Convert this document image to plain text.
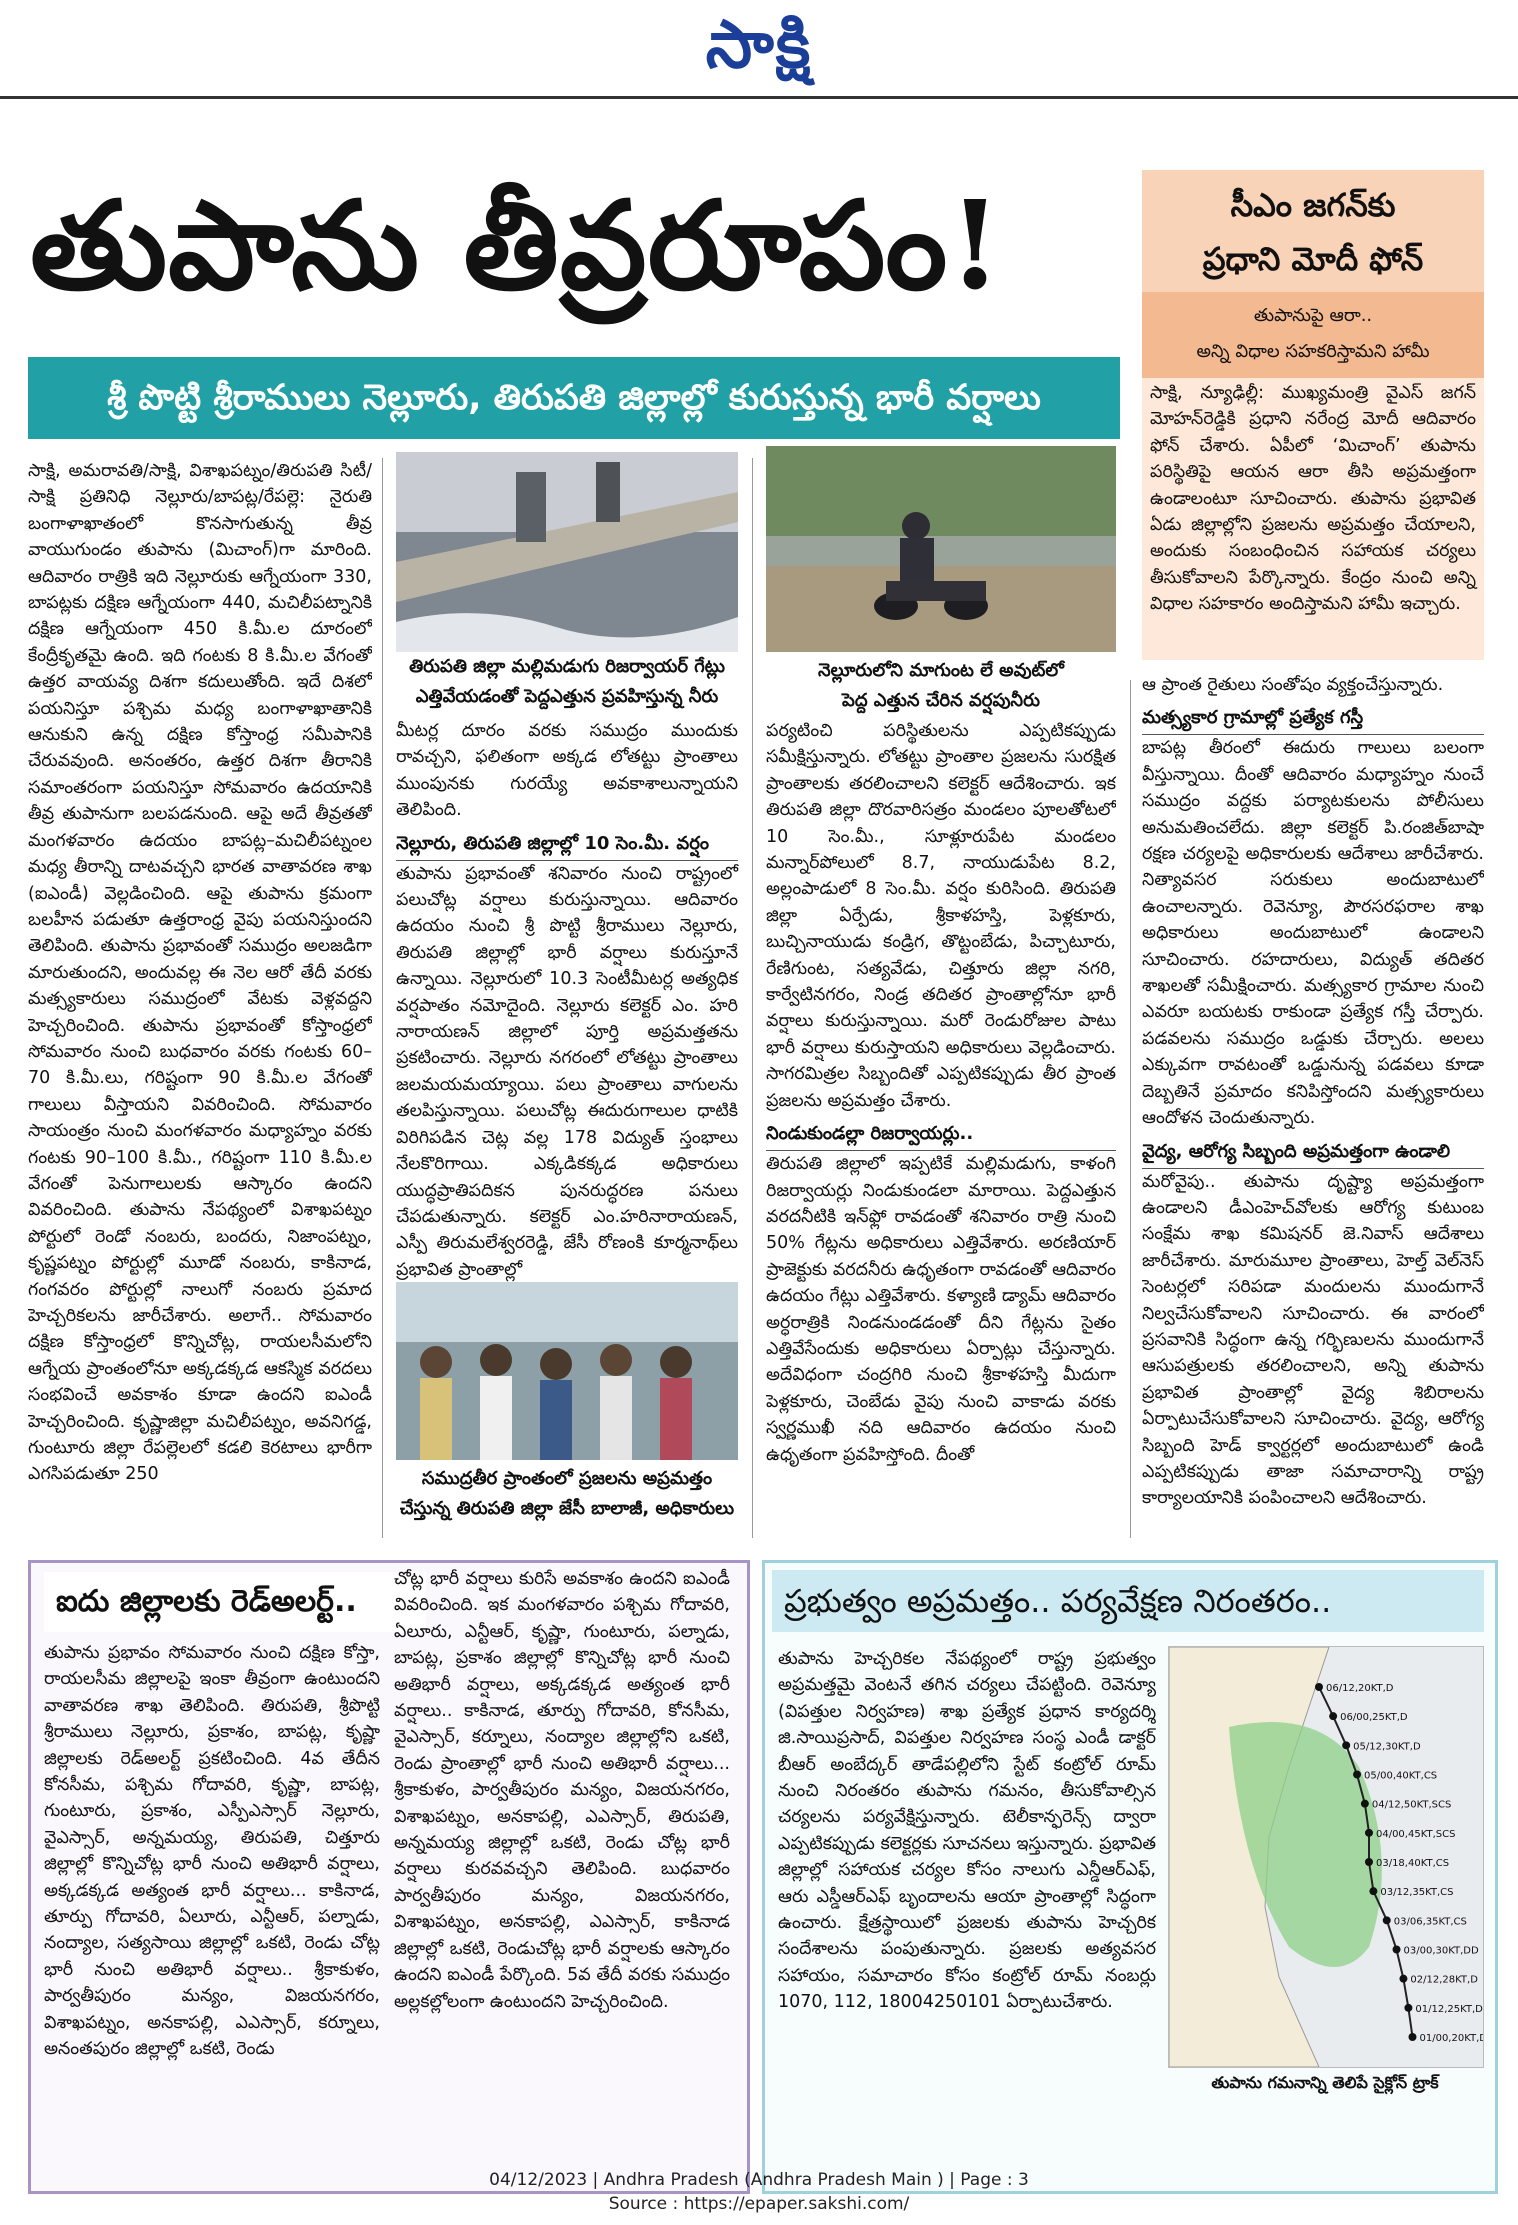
సాక్షి
తుపాను తీవ్రరూపం!
శ్రీ పొట్టి శ్రీరాములు నెల్లూరు, తిరుపతి జిల్లాల్లో కురుస్తున్న భారీ వర్షాలు
సీఎం జగన్‌కు
ప్రధాని మోదీ ఫోన్
తుపానుపై ఆరా..
అన్ని విధాల సహకరిస్తామని హామీ
సాక్షి, న్యూఢిల్లీ: ముఖ్యమంత్రి వైఎస్ జగన్ మోహన్‌రెడ్డికి ప్రధాని నరేంద్ర మోదీ ఆదివారం ఫోన్ చేశారు. ఏపీలో ‘మిచాంగ్’ తుపాను పరిస్థితిపై ఆయన ఆరా తీసి అప్రమత్తంగా ఉండాలంటూ సూచించారు. తుపాను ప్రభావిత ఏడు జిల్లాల్లోని ప్రజలను అప్రమత్తం చేయాలని, అందుకు సంబంధించిన సహాయక చర్యలు తీసుకోవాలని పేర్కొన్నారు. కేంద్రం నుంచి అన్ని విధాల సహకారం అందిస్తామని హామీ ఇచ్చారు.

సాక్షి, అమరావతి/సాక్షి, విశాఖపట్నం/తిరుపతి సిటీ/సాక్షి ప్రతినిధి నెల్లూరు/బాపట్ల/రేపల్లె: నైరుతి బంగాళాఖాతంలో కొనసాగుతున్న తీవ్ర వాయుగుండం తుపాను (మిచాంగ్)గా మారింది. ఆదివారం రాత్రికి ఇది నెల్లూరుకు ఆగ్నేయంగా 330, బాపట్లకు దక్షిణ ఆగ్నేయంగా 440, మచిలీపట్నానికి దక్షిణ ఆగ్నేయంగా 450 కి.మీ.ల దూరంలో కేంద్రీకృతమై ఉంది. ఇది గంటకు 8 కి.మీ.ల వేగంతో ఉత్తర వాయవ్య దిశగా కదులుతోంది. ఇదే దిశలో పయనిస్తూ పశ్చిమ మధ్య బంగాళాఖాతానికి ఆనుకుని ఉన్న దక్షిణ కోస్తాంధ్ర సమీపానికి చేరువవుంది. అనంతరం, ఉత్తర దిశగా తీరానికి సమాంతరంగా పయనిస్తూ సోమవారం ఉదయానికి తీవ్ర తుపానుగా బలపడనుంది. ఆపై అదే తీవ్రతతో మంగళవారం ఉదయం బాపట్ల–మచిలీపట్నంల మధ్య తీరాన్ని దాటవచ్చని భారత వాతావరణ శాఖ (ఐఎండీ) వెల్లడించింది. ఆపై తుపాను క్రమంగా బలహీన పడుతూ ఉత్తరాంధ్ర వైపు పయనిస్తుందని తెలిపింది. తుపాను ప్రభావంతో సముద్రం అలజడిగా మారుతుందని, అందువల్ల ఈ నెల ఆరో తేదీ వరకు మత్స్యకారులు సముద్రంలో వేటకు వెళ్లవద్దని హెచ్చరించింది. తుపాను ప్రభావంతో కోస్తాంధ్రలో సోమవారం నుంచి బుధవారం వరకు గంటకు 60–70 కి.మీ.లు, గరిష్టంగా 90 కి.మీ.ల వేగంతో గాలులు వీస్తాయని వివరించింది. సోమవారం సాయంత్రం నుంచి మంగళవారం మధ్యాహ్నం వరకు గంటకు 90–100 కి.మీ., గరిష్టంగా 110 కి.మీ.ల వేగంతో పెనుగాలులకు ఆస్కారం ఉందని వివరించింది. తుపాను నేపథ్యంలో విశాఖపట్నం పోర్టులో రెండో నంబరు, బందరు, నిజాంపట్నం, కృష్ణపట్నం పోర్టుల్లో మూడో నంబరు, కాకినాడ, గంగవరం పోర్టుల్లో నాలుగో నంబరు ప్రమాద హెచ్చరికలను జారీచేశారు. అలాగే.. సోమవారం దక్షిణ కోస్తాంధ్రలో కొన్నిచోట్ల, రాయలసీమలోని ఆగ్నేయ ప్రాంతంలోనూ అక్కడక్కడ ఆకస్మిక వరదలు సంభవించే అవకాశం కూడా ఉందని ఐఎండీ హెచ్చరించింది. కృష్ణాజిల్లా మచిలీపట్నం, అవనిగడ్డ, గుంటూరు జిల్లా రేపల్లెలలో కడలి కెరటాలు భారీగా ఎగసిపడుతూ 250

తిరుపతి జిల్లా మల్లిమడుగు రిజర్వాయర్ గేట్లు
ఎత్తివేయడంతో పెద్దఎత్తున ప్రవహిస్తున్న నీరు

మీటర్ల దూరం వరకు సముద్రం ముందుకు రావచ్చని, ఫలితంగా అక్కడ లోతట్టు ప్రాంతాలు ముంపునకు గురయ్యే అవకాశాలున్నాయని తెలిపింది.

నెల్లూరు, తిరుపతి జిల్లాల్లో 10 సెం.మీ. వర్షం

తుపాను ప్రభావంతో శనివారం నుంచి రాష్ట్రంలో పలుచోట్ల వర్షాలు కురుస్తున్నాయి. ఆదివారం ఉదయం నుంచి శ్రీ పొట్టి శ్రీరాములు నెల్లూరు, తిరుపతి జిల్లాల్లో భారీ వర్షాలు కురుస్తూనే ఉన్నాయి. నెల్లూరులో 10.3 సెంటీమీటర్ల అత్యధిక వర్షపాతం నమోదైంది. నెల్లూరు కలెక్టర్ ఎం. హరి నారాయణన్ జిల్లాలో పూర్తి అప్రమత్తతను ప్రకటించారు. నెల్లూరు నగరంలో లోతట్టు ప్రాంతాలు జలమయమయ్యాయి. పలు ప్రాంతాలు వాగులను తలపిస్తున్నాయి. పలుచోట్ల ఈదురుగాలుల ధాటికి విరిగిపడిన చెట్ల వల్ల 178 విద్యుత్ స్తంభాలు నేలకొరిగాయి. ఎక్కడికక్కడ అధికారులు యుద్ధప్రాతిపదికన పునరుద్ధరణ పనులు చేపడుతున్నారు. కలెక్టర్ ఎం.హరినారాయణన్, ఎస్పీ తిరుమలేశ్వరరెడ్డి, జేసీ రోణంకి కూర్మనాథ్‌లు ప్రభావిత ప్రాంతాల్లో

సముద్రతీర ప్రాంతంలో ప్రజలను అప్రమత్తం
చేస్తున్న తిరుపతి జిల్లా జేసీ బాలాజీ, అధికారులు
నెల్లూరులోని మాగుంట లే అవుట్‌లో
పెద్ద ఎత్తున చేరిన వర్షపునీరు

పర్యటించి పరిస్థితులను ఎప్పటికప్పుడు సమీక్షిస్తున్నారు. లోతట్టు ప్రాంతాల ప్రజలను సురక్షిత ప్రాంతాలకు తరలించాలని కలెక్టర్ ఆదేశించారు. ఇక తిరుపతి జిల్లా దొరవారిసత్రం మండలం పూలతోటలో 10 సెం.మీ., సూళ్లూరుపేట మండలం మన్నార్‌పోలులో 8.7, నాయుడుపేట 8.2, అల్లంపాడులో 8 సెం.మీ. వర్షం కురిసింది. తిరుపతి జిల్లా ఏర్పేడు, శ్రీకాళహస్తి, పెళ్లకూరు, బుచ్చినాయుడు కండ్రిగ, తొట్టంబేడు, పిచ్చాటూరు, రేణిగుంట, సత్యవేడు, చిత్తూరు జిల్లా నగరి, కార్వేటినగరం, నిండ్ర తదితర ప్రాంతాల్లోనూ భారీ వర్షాలు కురుస్తున్నాయి. మరో రెండురోజుల పాటు భారీ వర్షాలు కురుస్తాయని అధికారులు వెల్లడించారు. సాగరమిత్రల సిబ్బందితో ఎప్పటికప్పుడు తీర ప్రాంత ప్రజలను అప్రమత్తం చేశారు.

నిండుకుండల్లా రిజర్వాయర్లు..

తిరుపతి జిల్లాలో ఇప్పటికే మల్లిమడుగు, కాళంగి రిజర్వాయర్లు నిండుకుండలా మారాయి. పెద్దఎత్తున వరదనీటికి ఇన్‌ఫ్లో రావడంతో శనివారం రాత్రి నుంచి 50% గేట్లను అధికారులు ఎత్తివేశారు. అరణియార్ ప్రాజెక్టుకు వరదనీరు ఉధృతంగా రావడంతో ఆదివారం ఉదయం గేట్లు ఎత్తివేశారు. కళ్యాణి డ్యామ్ ఆదివారం అర్ధరాత్రికి నిండనుండడంతో దీని గేట్లను సైతం ఎత్తివేసేందుకు అధికారులు ఏర్పాట్లు చేస్తున్నారు. అదేవిధంగా చంద్రగిరి నుంచి శ్రీకాళహస్తి మీదుగా పెళ్లకూరు, చెంబేడు వైపు నుంచి వాకాడు వరకు స్వర్ణముఖీ నది ఆదివారం ఉదయం నుంచి ఉధృతంగా ప్రవహిస్తోంది. దీంతో

ఆ ప్రాంత రైతులు సంతోషం వ్యక్తంచేస్తున్నారు.

మత్స్యకార గ్రామాల్లో ప్రత్యేక గస్తీ

బాపట్ల తీరంలో ఈదురు గాలులు బలంగా వీస్తున్నాయి. దీంతో ఆదివారం మధ్యాహ్నం నుంచే సముద్రం వద్దకు పర్యాటకులను పోలీసులు అనుమతించలేదు. జిల్లా కలెక్టర్ పి.రంజిత్‌బాషా రక్షణ చర్యలపై అధికారులకు ఆదేశాలు జారీచేశారు. నిత్యావసర సరుకులు అందుబాటులో ఉంచాలన్నారు. రెవెన్యూ, పౌరసరఫరాల శాఖ అధికారులు అందుబాటులో ఉండాలని సూచించారు. రహదారులు, విద్యుత్ తదితర శాఖలతో సమీక్షించారు. మత్స్యకార గ్రామాల నుంచి ఎవరూ బయటకు రాకుండా ప్రత్యేక గస్తీ చేర్పారు. పడవలను సముద్రం ఒడ్డుకు చేర్చారు. అలలు ఎక్కువగా రావటంతో ఒడ్డునున్న పడవలు కూడా దెబ్బతినే ప్రమాదం కనిపిస్తోందని మత్స్యకారులు ఆందోళన చెందుతున్నారు.

వైద్య, ఆరోగ్య సిబ్బంది అప్రమత్తంగా ఉండాలి

మరోవైపు.. తుపాను దృష్ట్యా అప్రమత్తంగా ఉండాలని డీఎంహెచ్‌వోలకు ఆరోగ్య కుటుంబ సంక్షేమ శాఖ కమిషనర్ జె.నివాస్ ఆదేశాలు జారీచేశారు. మారుమూల ప్రాంతాలు, హెల్త్ వెల్‌నెస్ సెంటర్లలో సరిపడా మందులను ముందుగానే నిల్వచేసుకోవాలని సూచించారు. ఈ వారంలో ప్రసవానికి సిద్ధంగా ఉన్న గర్భిణులను ముందుగానే ఆసుపత్రులకు తరలించాలని, అన్ని తుపాను ప్రభావిత ప్రాంతాల్లో వైద్య శిబిరాలను ఏర్పాటుచేసుకోవాలని సూచించారు. వైద్య, ఆరోగ్య సిబ్బంది హెడ్ క్వార్టర్లలో అందుబాటులో ఉండి ఎప్పటికప్పుడు తాజా సమాచారాన్ని రాష్ట్ర కార్యాలయానికి పంపించాలని ఆదేశించారు.

ఐదు జిల్లాలకు రెడ్‌అలర్ట్..

తుపాను ప్రభావం సోమవారం నుంచి దక్షిణ కోస్తా, రాయలసీమ జిల్లాలపై ఇంకా తీవ్రంగా ఉంటుందని వాతావరణ శాఖ తెలిపింది. తిరుపతి, శ్రీపొట్టి శ్రీరాములు నెల్లూరు, ప్రకాశం, బాపట్ల, కృష్ణా జిల్లాలకు రెడ్‌అలర్ట్ ప్రకటించింది. 4వ తేదీన కోనసీమ, పశ్చిమ గోదావరి, కృష్ణా, బాపట్ల, గుంటూరు, ప్రకాశం, ఎస్పీఎస్సార్ నెల్లూరు, వైఎస్సార్, అన్నమయ్య, తిరుపతి, చిత్తూరు జిల్లాల్లో కొన్నిచోట్ల భారీ నుంచి అతిభారీ వర్షాలు, అక్కడక్కడ అత్యంత భారీ వర్షాలు... కాకినాడ, తూర్పు గోదావరి, ఏలూరు, ఎన్టీఆర్, పల్నాడు, నంద్యాల, సత్యసాయి జిల్లాల్లో ఒకటి, రెండు చోట్ల భారీ నుంచి అతిభారీ వర్షాలు.. శ్రీకాకుళం, పార్వతీపురం మన్యం, విజయనగరం, విశాఖపట్నం, అనకాపల్లి, ఎఎస్సార్, కర్నూలు, అనంతపురం జిల్లాల్లో ఒకటి, రెండు

చోట్ల భారీ వర్షాలు కురిసే అవకాశం ఉందని ఐఎండీ వివరించింది. ఇక మంగళవారం పశ్చిమ గోదావరి, ఏలూరు, ఎన్టీఆర్, కృష్ణా, గుంటూరు, పల్నాడు, బాపట్ల, ప్రకాశం జిల్లాల్లో కొన్నిచోట్ల భారీ నుంచి అతిభారీ వర్షాలు, అక్కడక్కడ అత్యంత భారీ వర్షాలు.. కాకినాడ, తూర్పు గోదావరి, కోనసీమ, వైఎస్సార్, కర్నూలు, నంద్యాల జిల్లాల్లోని ఒకటి, రెండు ప్రాంతాల్లో భారీ నుంచి అతిభారీ వర్షాలు... శ్రీకాకుళం, పార్వతీపురం మన్యం, విజయనగరం, విశాఖపట్నం, అనకాపల్లి, ఎఎస్సార్, తిరుపతి, అన్నమయ్య జిల్లాల్లో ఒకటి, రెండు చోట్ల భారీ వర్షాలు కురవవచ్చని తెలిపింది. బుధవారం పార్వతీపురం మన్యం, విజయనగరం, విశాఖపట్నం, అనకాపల్లి, ఎఎస్సార్, కాకినాడ జిల్లాల్లో ఒకటి, రెండుచోట్ల భారీ వర్షాలకు ఆస్కారం ఉందని ఐఎండీ పేర్కొంది. 5వ తేదీ వరకు సముద్రం అల్లకల్లోలంగా ఉంటుందని హెచ్చరించింది.

ప్రభుత్వం అప్రమత్తం.. పర్యవేక్షణ నిరంతరం..

తుపాను హెచ్చరికల నేపథ్యంలో రాష్ట్ర ప్రభుత్వం అప్రమత్తమై వెంటనే తగిన చర్యలు చేపట్టింది. రెవెన్యూ (విపత్తుల నిర్వహణ) శాఖ ప్రత్యేక ప్రధాన కార్యదర్శి జి.సాయిప్రసాద్, విపత్తుల నిర్వహణ సంస్థ ఎండీ డాక్టర్ బీఆర్ అంబేద్కర్ తాడేపల్లిలోని స్టేట్ కంట్రోల్ రూమ్ నుంచి నిరంతరం తుపాను గమనం, తీసుకోవాల్సిన చర్యలను పర్యవేక్షిస్తున్నారు. టెలీకాన్ఫరెన్స్ ద్వారా ఎప్పటికప్పుడు కలెక్టర్లకు సూచనలు ఇస్తున్నారు. ప్రభావిత జిల్లాల్లో సహాయక చర్యల కోసం నాలుగు ఎన్డీఆర్ఎఫ్, ఆరు ఎస్డీఆర్ఎఫ్ బృందాలను ఆయా ప్రాంతాల్లో సిద్ధంగా ఉంచారు. క్షేత్రస్థాయిలో ప్రజలకు తుపాను హెచ్చరిక సందేశాలను పంపుతున్నారు. ప్రజలకు అత్యవసర సహాయం, సమాచారం కోసం కంట్రోల్ రూమ్ నంబర్లు 1070, 112, 18004250101 ఏర్పాటుచేశారు.

06/12,20KT,D
06/00,25KT,D
05/12,30KT,D
05/00,40KT,CS
04/12,50KT,SCS
04/00,45KT,SCS
03/18,40KT,CS
03/12,35KT,CS
03/06,35KT,CS
03/00,30KT,DD
02/12,28KT,D
01/12,25KT,D
01/00,20KT,D
తుపాను గమనాన్ని తెలిపే సైక్లోన్ ట్రాక్
04/12/2023 | Andhra Pradesh (Andhra Pradesh Main ) | Page : 3
Source : https://epaper.sakshi.com/
